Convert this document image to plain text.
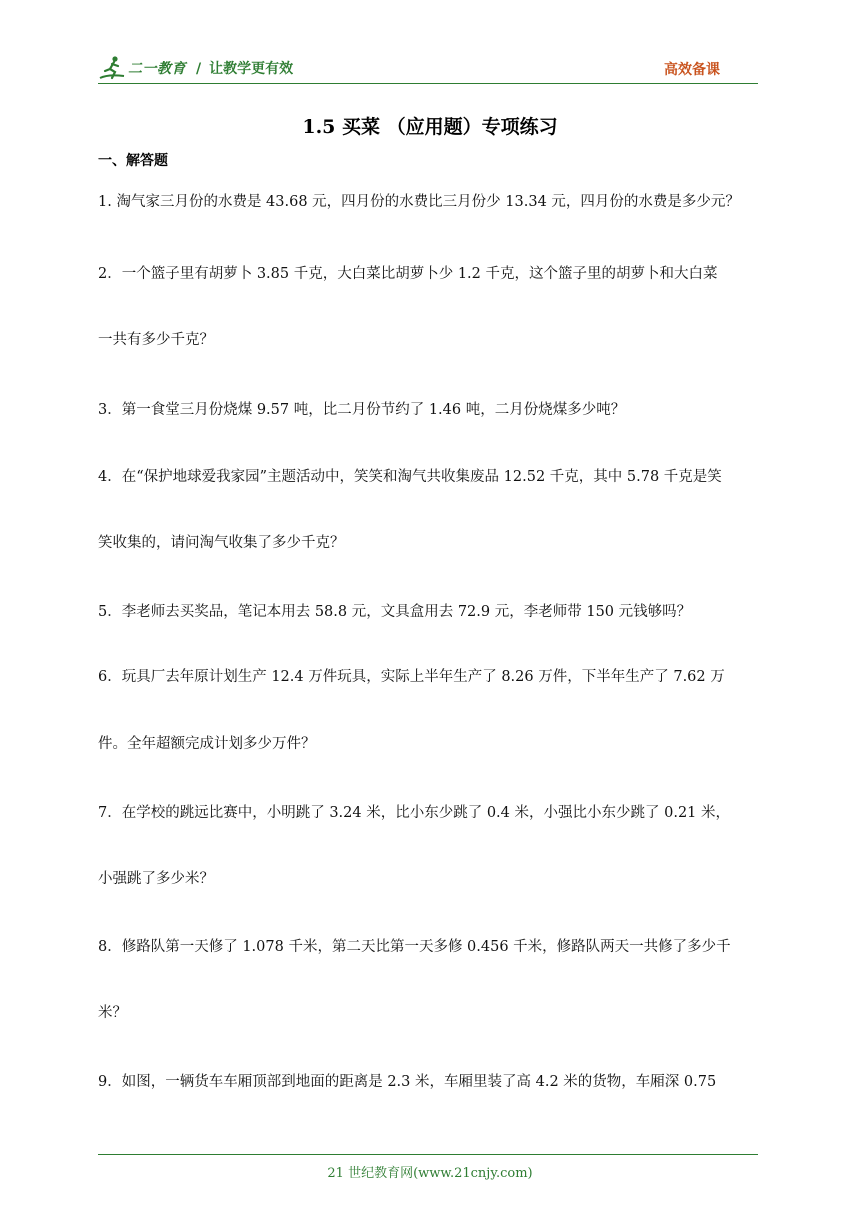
二一教育 / 让教学更有效	高效备课
1.5 买菜 （应用题）专项练习
一、解答题
1. 淘气家三月份的水费是 43.68 元，四月份的水费比三月份少 13.34 元，四月份的水费是多少元？
2．一个篮子里有胡萝卜 3.85 千克，大白菜比胡萝卜少 1.2 千克，这个篮子里的胡萝卜和大白菜
一共有多少千克？
3．第一食堂三月份烧煤 9.57 吨，比二月份节约了 1.46 吨，二月份烧煤多少吨？
4．在“保护地球爱我家园”主题活动中，笑笑和淘气共收集废品 12.52 千克，其中 5.78 千克是笑
笑收集的，请问淘气收集了多少千克？
5．李老师去买奖品，笔记本用去 58.8 元，文具盒用去 72.9 元，李老师带 150 元钱够吗？
6．玩具厂去年原计划生产 12.4 万件玩具，实际上半年生产了 8.26 万件，下半年生产了 7.62 万
件。全年超额完成计划多少万件？
7．在学校的跳远比赛中，小明跳了 3.24 米，比小东少跳了 0.4 米，小强比小东少跳了 0.21 米，
小强跳了多少米？
8．修路队第一天修了 1.078 千米，第二天比第一天多修 0.456 千米，修路队两天一共修了多少千
米？
9．如图，一辆货车车厢顶部到地面的距离是 2.3 米，车厢里装了高 4.2 米的货物，车厢深 0.75
21 世纪教育网(www.21cnjy.com)
